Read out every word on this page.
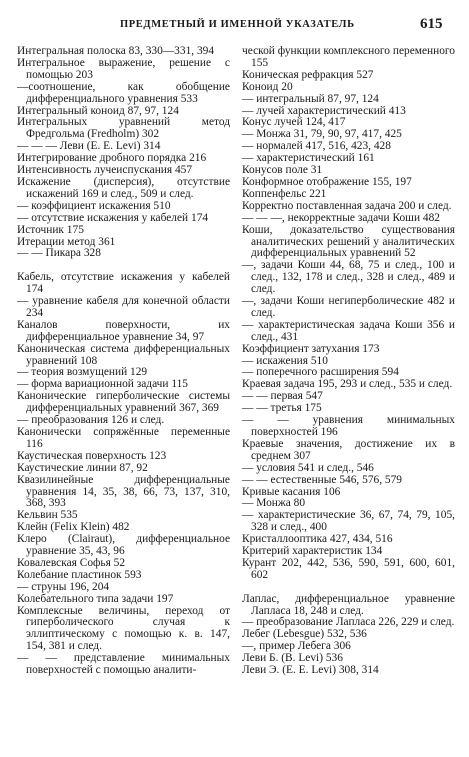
ПРЕДМЕТНЫЙ И ИМЕННОЙ УКАЗАТЕЛЬ	615
Интегральная полоска 83, 330—331, 394
Интегральное выражение, решение с помощью 203
—соотношение, как обобщение дифференциального уравнения 533
Интегральный коноид 87, 97, 124
Интегральных уравнений метод Фредгольма (Fredholm) 302
— — — Леви (E. E. Levi) 314
Интегрирование дробного порядка 216
Интенсивность лучеиспускания 457
Искажение (дисперсия), отсутствие искажений 169 и след., 509 и след.
— коэффициент искажения 510
— отсутствие искажения у кабелей 174
Источник 175
Итерации метод 361
— — Пикара 328
Кабель, отсутствие искажения у кабелей 174
— уравнение кабеля для конечной области 234
Каналов поверхности, их дифференциальное уравнение 34, 97
Каноническая система дифференциальных уравнений 108
— теория возмущений 129
— форма вариационной задачи 115
Канонические гиперболические системы дифференциальных уравнений 367, 369
— преобразования 126 и след.
Канонически сопряжённые переменные 116
Каустическая поверхность 123
Каустические линии 87, 92
Квазилинейные дифференциальные уравнения 14, 35, 38, 66, 73, 137, 310, 368, 393
Кельвин 535
Клейн (Felix Klein) 482
Клеро (Clairaut), дифференциальное уравнение 35, 43, 96
Ковалевская Софья 52
Колебание пластинок 593
— струны 196, 204
Колебательного типа задачи 197
Комплексные величины, переход от гиперболического случая к эллиптическому с помощью к. в. 147, 154, 381 и след.
— — представление минимальных поверхностей с помощью аналити-
ческой функции комплексного переменного 155
Коническая рефракция 527
Коноид 20
— интегральный 87, 97, 124
— лучей характеристический 413
Конус лучей 124, 417
— Монжа 31, 79, 90, 97, 417, 425
— нормалей 417, 516, 423, 428
— характеристический 161
Конусов поле 31
Конформное отображение 155, 197
Коппенфельс 221
Корректно поставленная задача 200 и след.
— — —, некорректные задачи Коши 482
Коши, доказательство существования аналитических решений у аналитических дифференциальных уравнений 52
—, задачи Коши 44, 68, 75 и след., 100 и след., 132, 178 и след., 328 и след., 489 и след.
—, задачи Коши негиперболические 482 и след.
— характеристическая задача Коши 356 и след., 431
Коэффициент затухания 173
— искажения 510
— поперечного расширения 594
Краевая задача 195, 293 и след., 535 и след.
— — первая 547
— — третья 175
— — уравнения минимальных поверхностей 196
Краевые значения, достижение их в среднем 307
— условия 541 и след., 546
— — естественные 546, 576, 579
Кривые касания 106
— Монжа 80
— характеристические 36, 67, 74, 79, 105, 328 и след., 400
Кристаллооптика 427, 434, 516
Критерий характеристик 134
Курант 202, 442, 536, 590, 591, 600, 601, 602
Лаплас, дифференциальное уравнение Лапласа 18, 248 и след.
— преобразование Лапласа 226, 229 и след.
Лебег (Lebesgue) 532, 536
—, пример Лебега 306
Леви Б. (B. Levi) 536
Леви Э. (E. E. Levi) 308, 314
